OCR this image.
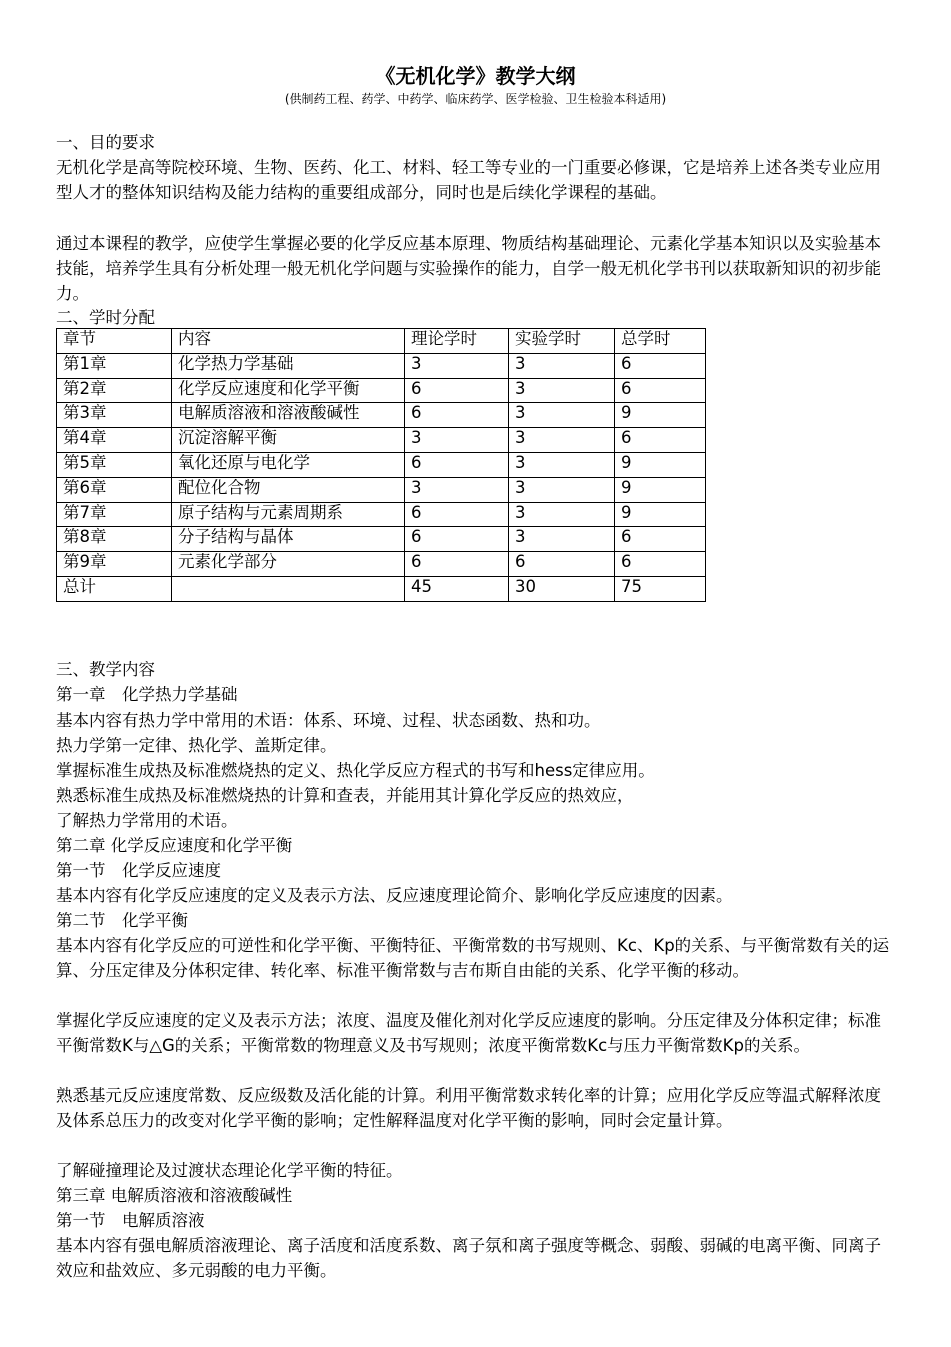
《无机化学》教学大纲
(供制药工程、药学、中药学、临床药学、医学检验、卫生检验本科适用)
一、目的要求
无机化学是高等院校环境、生物、医药、化工、材料、轻工等专业的一门重要必修课，它是培养上述各类专业应用型人才的整体知识结构及能力结构的重要组成部分，同时也是后续化学课程的基础。
通过本课程的教学，应使学生掌握必要的化学反应基本原理、物质结构基础理论、元素化学基本知识以及实验基本技能，培养学生具有分析处理一般无机化学问题与实验操作的能力，自学一般无机化学书刊以获取新知识的初步能力。
二、学时分配
章节	内容	理论学时	实验学时	总学时
第1章	化学热力学基础	3	3	6
第2章	化学反应速度和化学平衡	6	3	6
第3章	电解质溶液和溶液酸碱性	6	3	9
第4章	沉淀溶解平衡	3	3	6
第5章	氧化还原与电化学	6	3	9
第6章	配位化合物	3	3	9
第7章	原子结构与元素周期系	6	3	9
第8章	分子结构与晶体	6	3	6
第9章	元素化学部分	6	6	6
总计		45	30	75
三、教学内容
第一章　化学热力学基础
基本内容有热力学中常用的术语：体系、环境、过程、状态函数、热和功。
热力学第一定律、热化学、盖斯定律。
掌握标准生成热及标准燃烧热的定义、热化学反应方程式的书写和hess定律应用。
熟悉标准生成热及标准燃烧热的计算和查表，并能用其计算化学反应的热效应，
了解热力学常用的术语。
第二章 化学反应速度和化学平衡
第一节　化学反应速度
基本内容有化学反应速度的定义及表示方法、反应速度理论简介、影响化学反应速度的因素。
第二节　化学平衡
基本内容有化学反应的可逆性和化学平衡、平衡特征、平衡常数的书写规则、Kc、Kp的关系、与平衡常数有关的运算、分压定律及分体积定律、转化率、标准平衡常数与吉布斯自由能的关系、化学平衡的移动。
掌握化学反应速度的定义及表示方法；浓度、温度及催化剂对化学反应速度的影响。分压定律及分体积定律；标准平衡常数K与△G的关系；平衡常数的物理意义及书写规则；浓度平衡常数Kc与压力平衡常数Kp的关系。
熟悉基元反应速度常数、反应级数及活化能的计算。利用平衡常数求转化率的计算；应用化学反应等温式解释浓度及体系总压力的改变对化学平衡的影响；定性解释温度对化学平衡的影响，同时会定量计算。
了解碰撞理论及过渡状态理论化学平衡的特征。
第三章 电解质溶液和溶液酸碱性
第一节　电解质溶液
基本内容有强电解质溶液理论、离子活度和活度系数、离子氛和离子强度等概念、弱酸、弱碱的电离平衡、同离子效应和盐效应、多元弱酸的电力平衡。
